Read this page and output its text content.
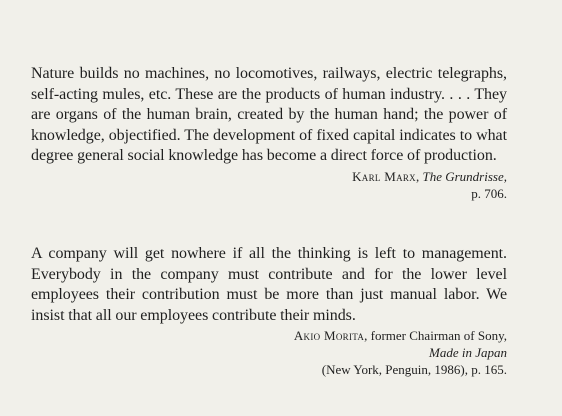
Nature builds no machines, no locomotives, railways, electric telegraphs, self-acting mules, etc. These are the products of human industry. . . . They are organs of the human brain, created by the human hand; the power of knowledge, objectified. The development of fixed capital indicates to what degree general social knowledge has become a direct force of production.

Karl Marx, The Grundrisse,
p. 706.

A company will get nowhere if all the thinking is left to management. Everybody in the company must contribute and for the lower level employees their contribution must be more than just manual labor. We insist that all our employees contribute their minds.

Akio Morita, former Chairman of Sony,
Made in Japan
(New York, Penguin, 1986), p. 165.
